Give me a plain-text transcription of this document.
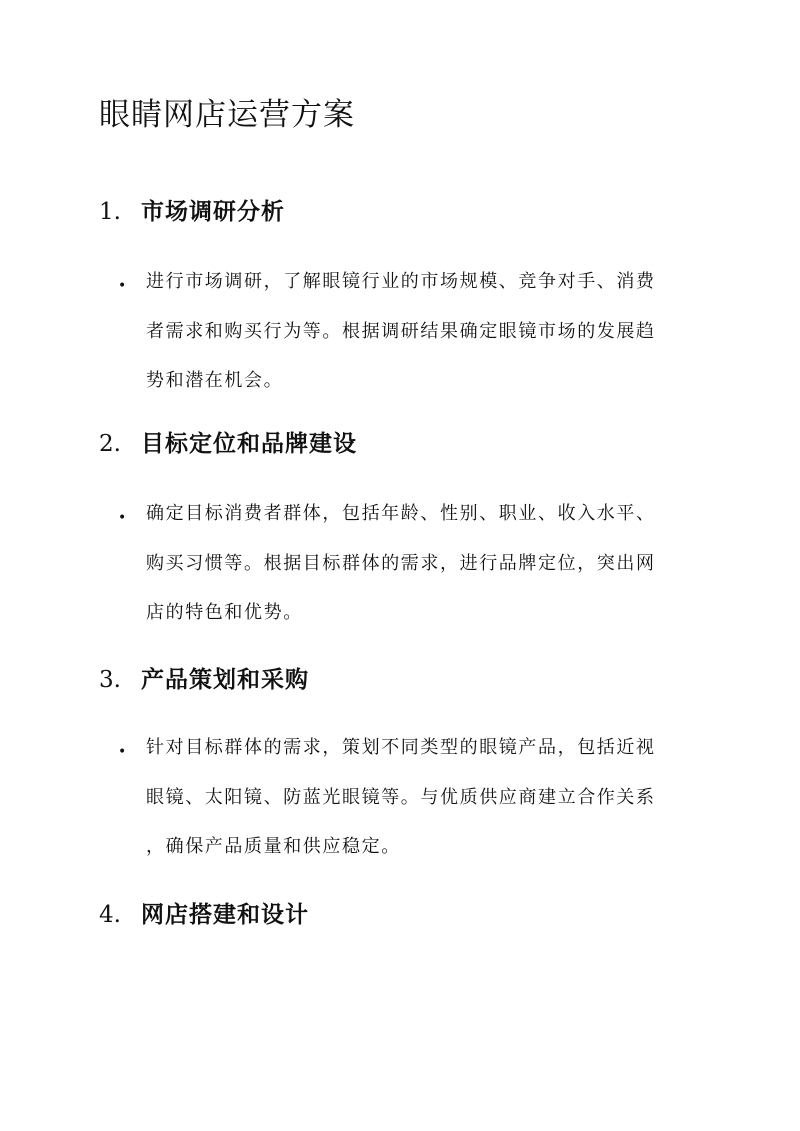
眼睛网店运营方案
1. 市场调研分析
• 进行市场调研，了解眼镜行业的市场规模、竞争对手、消费
者需求和购买行为等。根据调研结果确定眼镜市场的发展趋
势和潜在机会。
2. 目标定位和品牌建设
• 确定目标消费者群体，包括年龄、性别、职业、收入水平、
购买习惯等。根据目标群体的需求，进行品牌定位，突出网
店的特色和优势。
3. 产品策划和采购
• 针对目标群体的需求，策划不同类型的眼镜产品，包括近视
眼镜、太阳镜、防蓝光眼镜等。与优质供应商建立合作关系
，确保产品质量和供应稳定。
4. 网店搭建和设计
